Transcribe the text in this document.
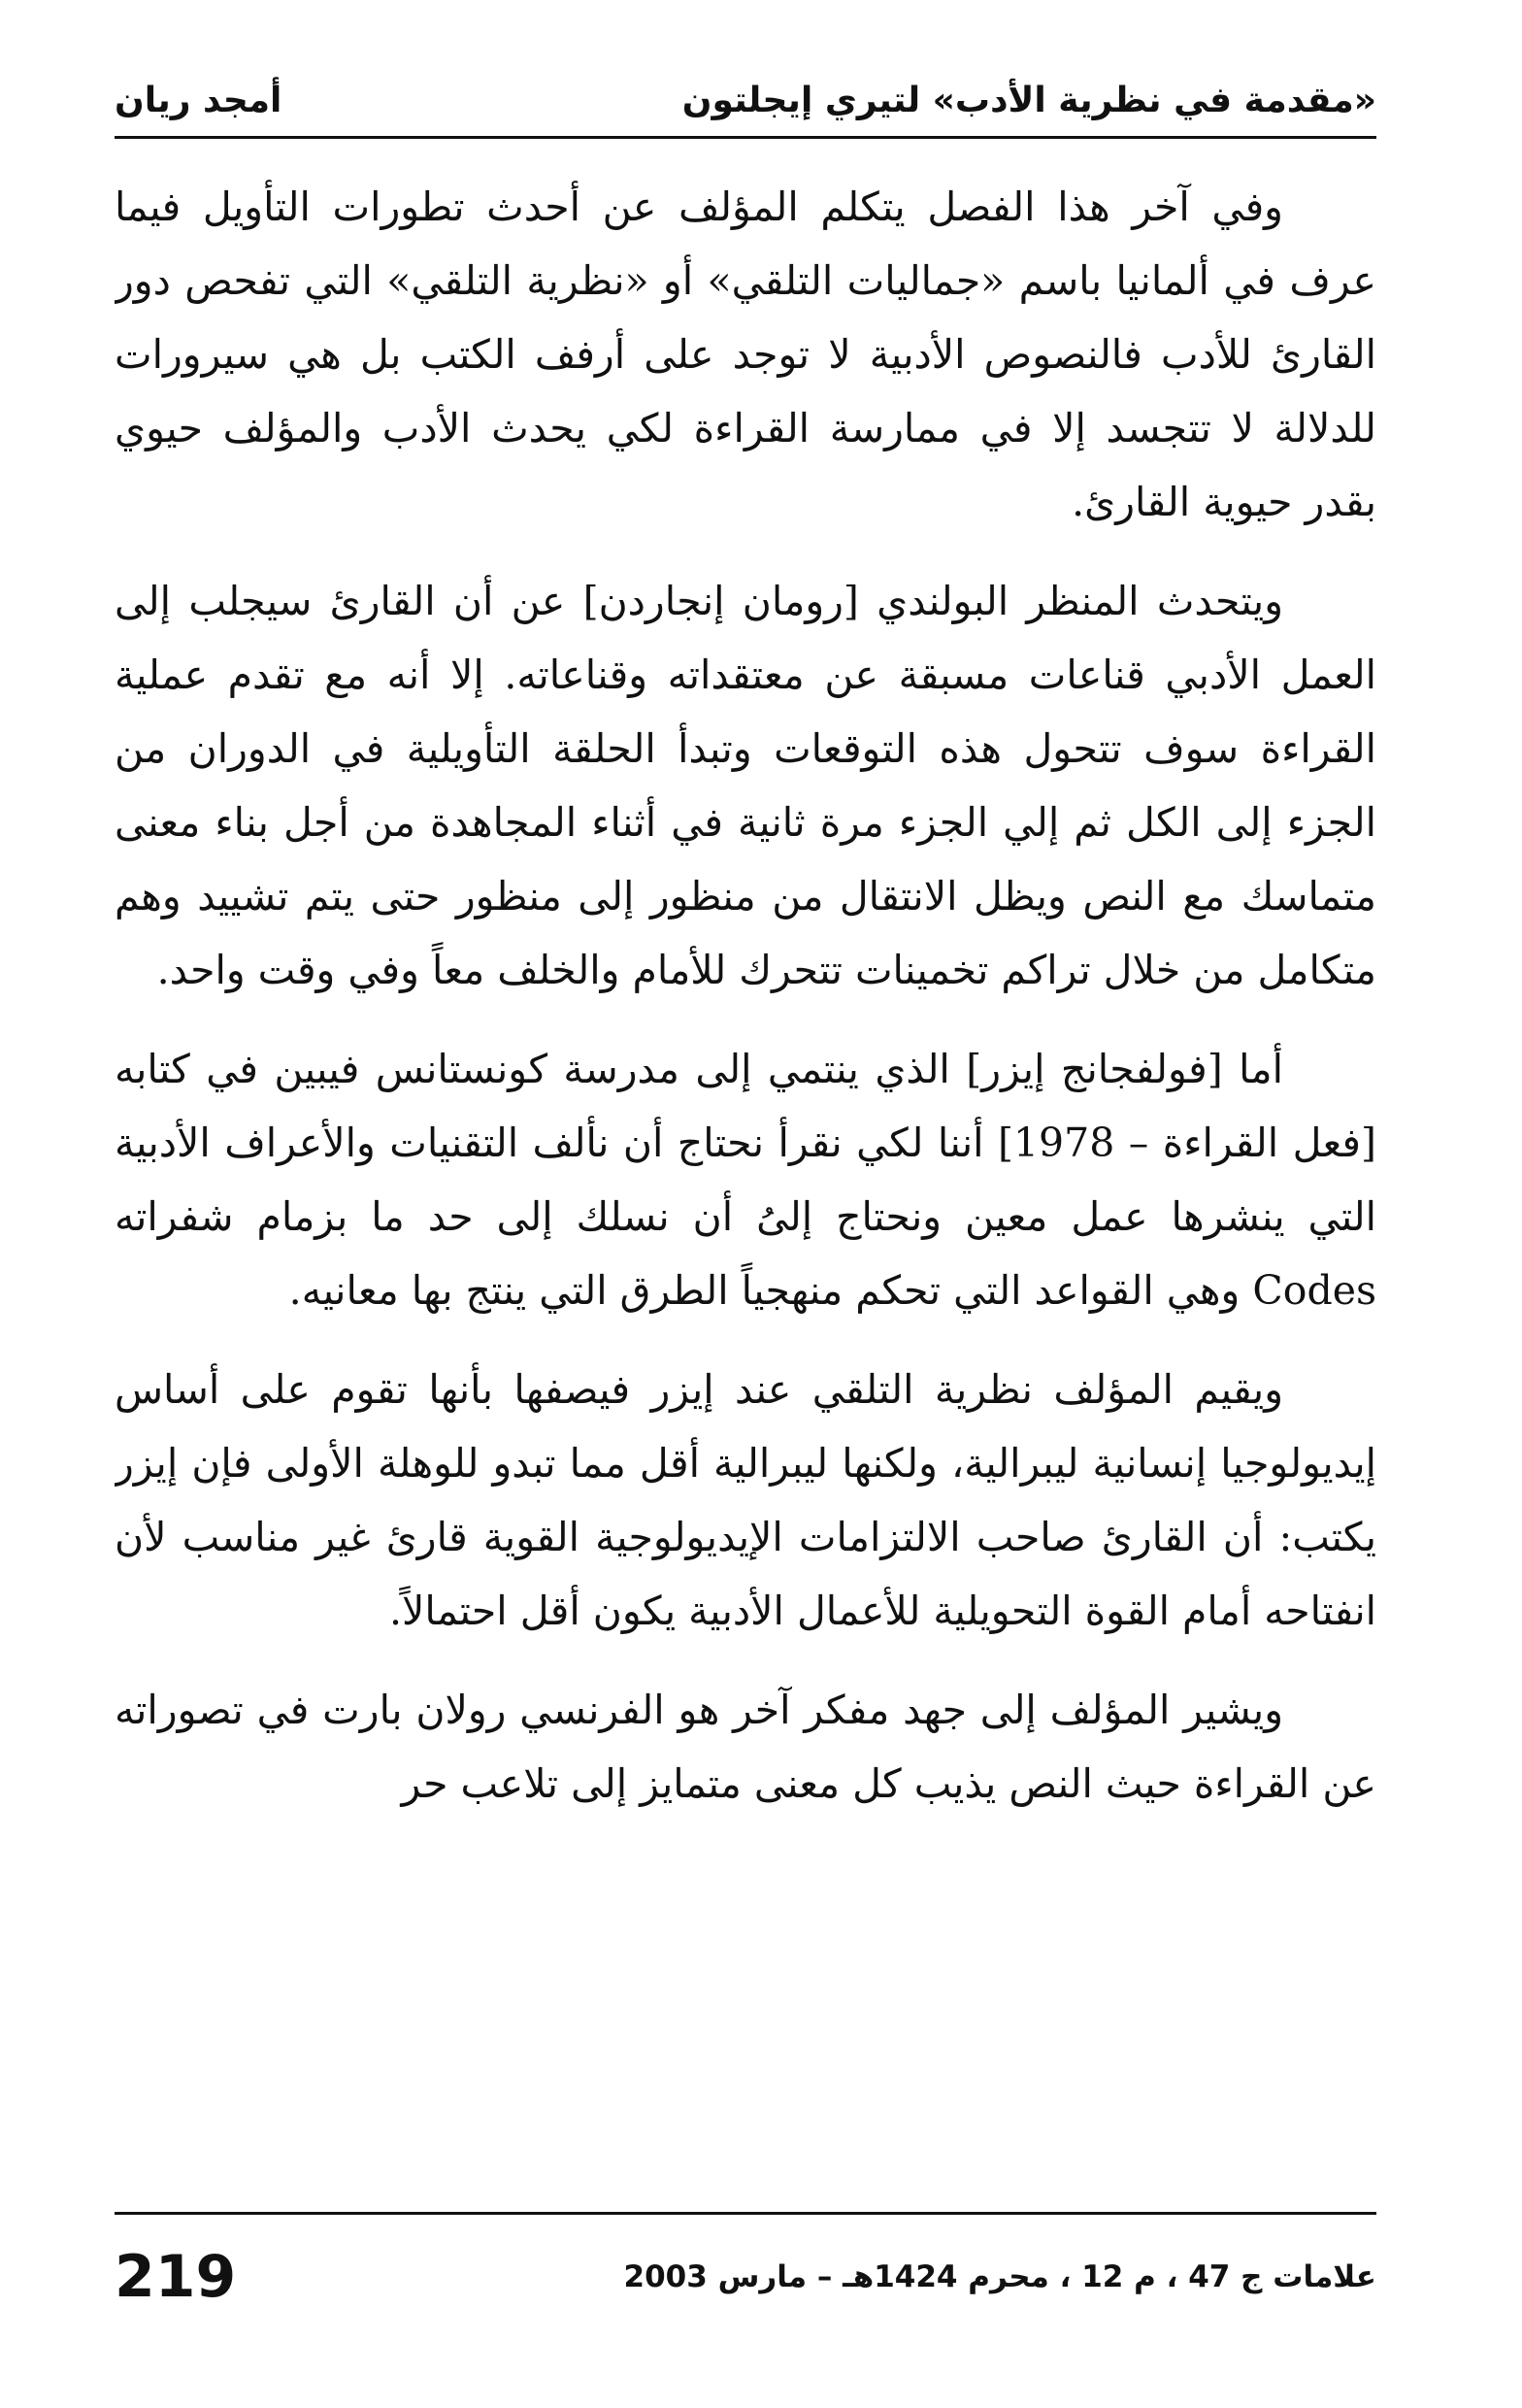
«مقدمة في نظرية الأدب» لتيري إيجلتون
أمجد ريان

وفي آخر هذا الفصل يتكلم المؤلف عن أحدث تطورات التأويل فيما عرف في ألمانيا باسم «جماليات التلقي» أو «نظرية التلقي» التي تفحص دور القارئ للأدب فالنصوص الأدبية لا توجد على أرفف الكتب بل هي سيرورات للدلالة لا تتجسد إلا في ممارسة القراءة لكي يحدث الأدب والمؤلف حيوي بقدر حيوية القارئ.

ويتحدث المنظر البولندي [رومان إنجاردن] عن أن القارئ سيجلب إلى العمل الأدبي قناعات مسبقة عن معتقداته وقناعاته. إلا أنه مع تقدم عملية القراءة سوف تتحول هذه التوقعات وتبدأ الحلقة التأويلية في الدوران من الجزء إلى الكل ثم إلي الجزء مرة ثانية في أثناء المجاهدة من أجل بناء معنى متماسك مع النص ويظل الانتقال من منظور إلى منظور حتى يتم تشييد وهم متكامل من خلال تراكم تخمينات تتحرك للأمام والخلف معاً وفي وقت واحد.

أما [فولفجانج إيزر] الذي ينتمي إلى مدرسة كونستانس فيبين في كتابه [فعل القراءة – 1978] أننا لكي نقرأ نحتاج أن نألف التقنيات والأعراف الأدبية التي ينشرها عمل معين ونحتاج إلىُ أن نسلك إلى حد ما بزمام شفراته Codes وهي القواعد التي تحكم منهجياً الطرق التي ينتج بها معانيه.

ويقيم المؤلف نظرية التلقي عند إيزر فيصفها بأنها تقوم على أساس إيديولوجيا إنسانية ليبرالية، ولكنها ليبرالية أقل مما تبدو للوهلة الأولى فإن إيزر يكتب: أن القارئ صاحب الالتزامات الإيديولوجية القوية قارئ غير مناسب لأن انفتاحه أمام القوة التحويلية للأعمال الأدبية يكون أقل احتمالاً.

ويشير المؤلف إلى جهد مفكر آخر هو الفرنسي رولان بارت في تصوراته عن القراءة حيث النص يذيب كل معنى متمايز إلى تلاعب حر

علامات ج 47 ، م 12 ، محرم 1424هـ – مارس 2003
219
